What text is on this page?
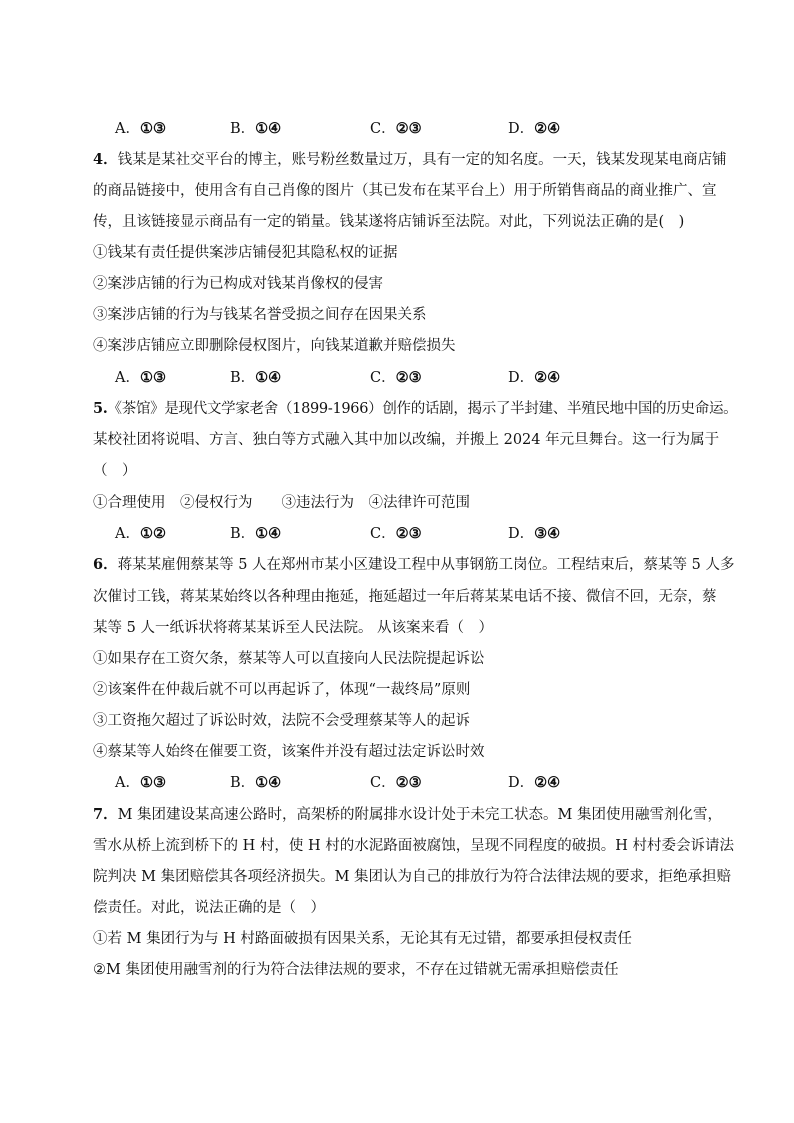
A．①③	B．①④	C．②③	D．②④
4．钱某是某社交平台的博主，账号粉丝数量过万，具有一定的知名度。一天，钱某发现某电商店铺
的商品链接中，使用含有自己肖像的图片（其已发布在某平台上）用于所销售商品的商业推广、宣
传，且该链接显示商品有一定的销量。钱某遂将店铺诉至法院。对此，下列说法正确的是(　)
①钱某有责任提供案涉店铺侵犯其隐私权的证据
②案涉店铺的行为已构成对钱某肖像权的侵害
③案涉店铺的行为与钱某名誉受损之间存在因果关系
④案涉店铺应立即删除侵权图片，向钱某道歉并赔偿损失
A．①③	B．①④	C．②③	D．②④
5.《茶馆》是现代文学家老舍（1899-1966）创作的话剧，揭示了半封建、半殖民地中国的历史命运。
某校社团将说唱、方言、独白等方式融入其中加以改编，并搬上 2024 年元旦舞台。这一行为属于
（　）
①合理使用　②侵权行为　　③违法行为　④法律许可范围
A．①②	B．①④	C．②③	D．③④
6．蒋某某雇佣蔡某等 5 人在郑州市某小区建设工程中从事钢筋工岗位。工程结束后，蔡某等 5 人多
次催讨工钱，蒋某某始终以各种理由拖延，拖延超过一年后蒋某某电话不接、微信不回，无奈，蔡
某等 5 人一纸诉状将蒋某某诉至人民法院。 从该案来看（　）
①如果存在工资欠条，蔡某等人可以直接向人民法院提起诉讼
②该案件在仲裁后就不可以再起诉了，体现“一裁终局”原则
③工资拖欠超过了诉讼时效，法院不会受理蔡某等人的起诉
④蔡某等人始终在催要工资，该案件并没有超过法定诉讼时效
A．①③	B．①④	C．②③	D．②④
7．M 集团建设某高速公路时，高架桥的附属排水设计处于未完工状态。M 集团使用融雪剂化雪，
雪水从桥上流到桥下的 H 村，使 H 村的水泥路面被腐蚀，呈现不同程度的破损。H 村村委会诉请法
院判决 M 集团赔偿其各项经济损失。M 集团认为自己的排放行为符合法律法规的要求，拒绝承担赔
偿责任。对此，说法正确的是（　）
①若 M 集团行为与 H 村路面破损有因果关系，无论其有无过错，都要承担侵权责任
②M 集团使用融雪剂的行为符合法律法规的要求，不存在过错就无需承担赔偿责任
